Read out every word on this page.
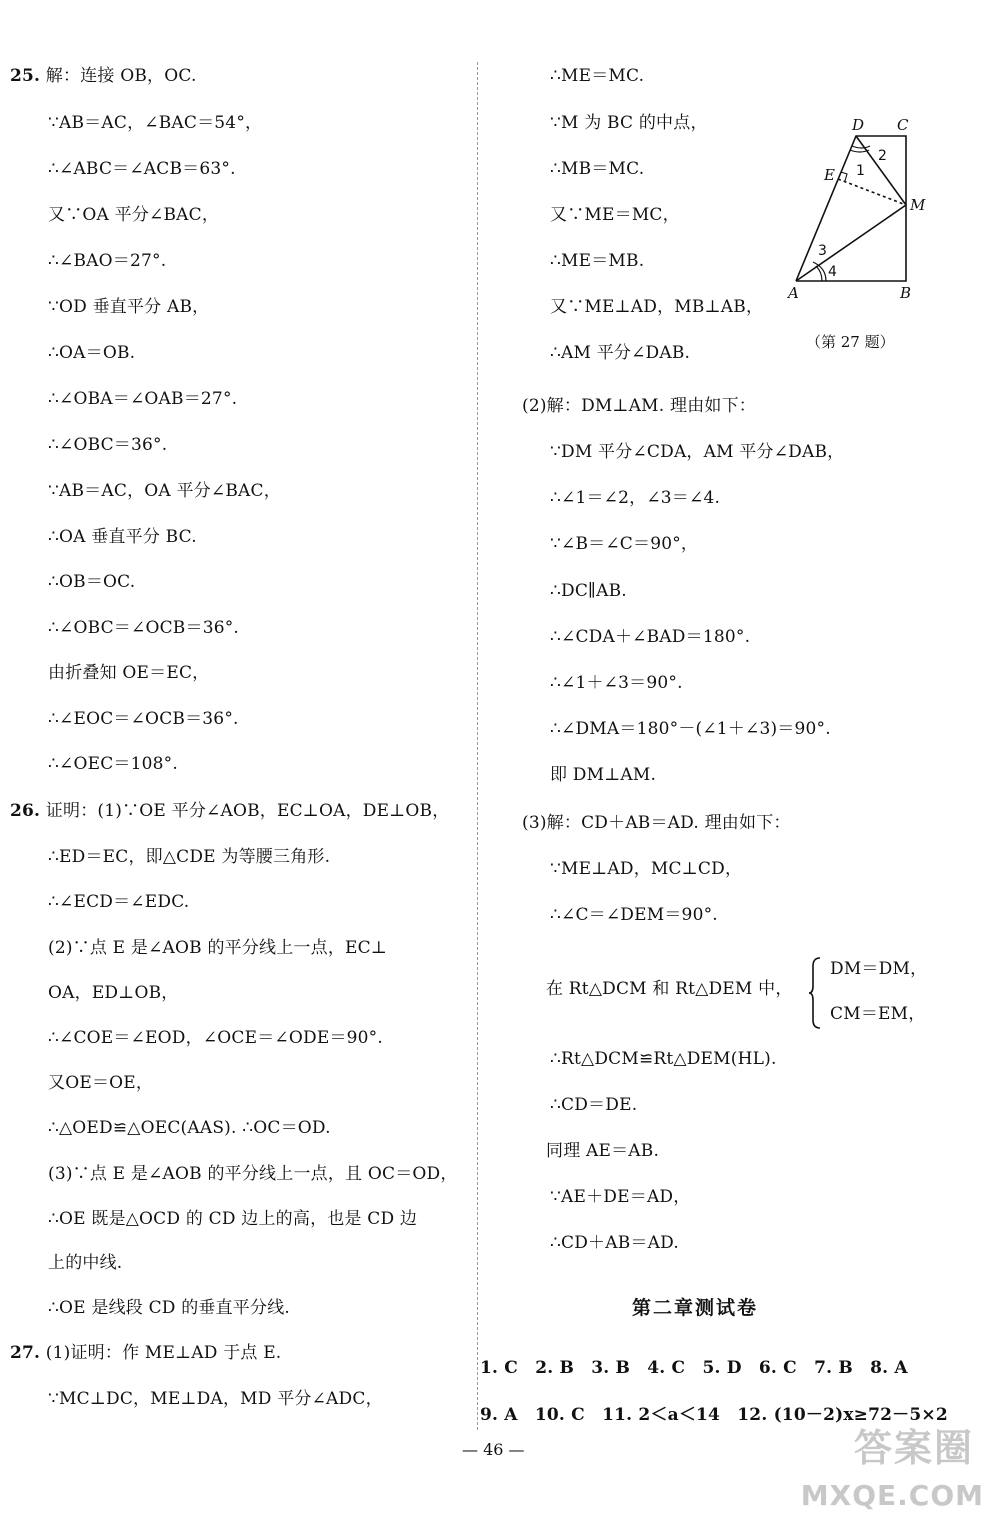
25. 解：连接 OB，OC.
∵AB＝AC，∠BAC＝54°，
∴∠ABC＝∠ACB＝63°.
又∵OA 平分∠BAC，
∴∠BAO＝27°.
∵OD 垂直平分 AB，
∴OA＝OB.
∴∠OBA＝∠OAB＝27°.
∴∠OBC＝36°.
∵AB＝AC，OA 平分∠BAC，
∴OA 垂直平分 BC.
∴OB＝OC.
∴∠OBC＝∠OCB＝36°.
由折叠知 OE＝EC，
∴∠EOC＝∠OCB＝36°.
∴∠OEC＝108°.
26. 证明：(1)∵OE 平分∠AOB，EC⊥OA，DE⊥OB，
∴ED＝EC，即△CDE 为等腰三角形.
∴∠ECD＝∠EDC.
(2)∵点 E 是∠AOB 的平分线上一点，EC⊥
OA，ED⊥OB，
∴∠COE＝∠EOD，∠OCE＝∠ODE＝90°.
又OE＝OE，
∴△OED≌△OEC(AAS). ∴OC＝OD.
(3)∵点 E 是∠AOB 的平分线上一点，且 OC＝OD，
∴OE 既是△OCD 的 CD 边上的高，也是 CD 边
上的中线.
∴OE 是线段 CD 的垂直平分线.
27. (1)证明：作 ME⊥AD 于点 E.
∵MC⊥DC，ME⊥DA，MD 平分∠ADC，
∴ME＝MC.
∵M 为 BC 的中点，
∴MB＝MC.
又∵ME＝MC，
∴ME＝MB.
又∵ME⊥AD，MB⊥AB，
∴AM 平分∠DAB.
(2)解：DM⊥AM. 理由如下：
∵DM 平分∠CDA，AM 平分∠DAB，
∴∠1＝∠2，∠3＝∠4.
∵∠B＝∠C＝90°，
∴DC∥AB.
∴∠CDA＋∠BAD＝180°.
∴∠1＋∠3＝90°.
∴∠DMA＝180°－(∠1＋∠3)＝90°.
即 DM⊥AM.
(3)解：CD＋AB＝AD. 理由如下：
∵ME⊥AD，MC⊥CD，
∴∠C＝∠DEM＝90°.
在 Rt△DCM 和 Rt△DEM 中，
∴Rt△DCM≌Rt△DEM(HL).
∴CD＝DE.
同理 AE＝AB.
∵AE＋DE＝AD，
∴CD＋AB＝AD.
DM＝DM，
CM＝EM，
D C
E
M
A	B
1
2
3
4
（第 27 题）
第二章测试卷
1. C　2. B　3. B　4. C　5. D　6. C　7. B　8. A
9. A　10. C　11. 2＜a＜14　12. (10－2)x≥72－5×2
— 46 —	答案圈
MXQE.COM
